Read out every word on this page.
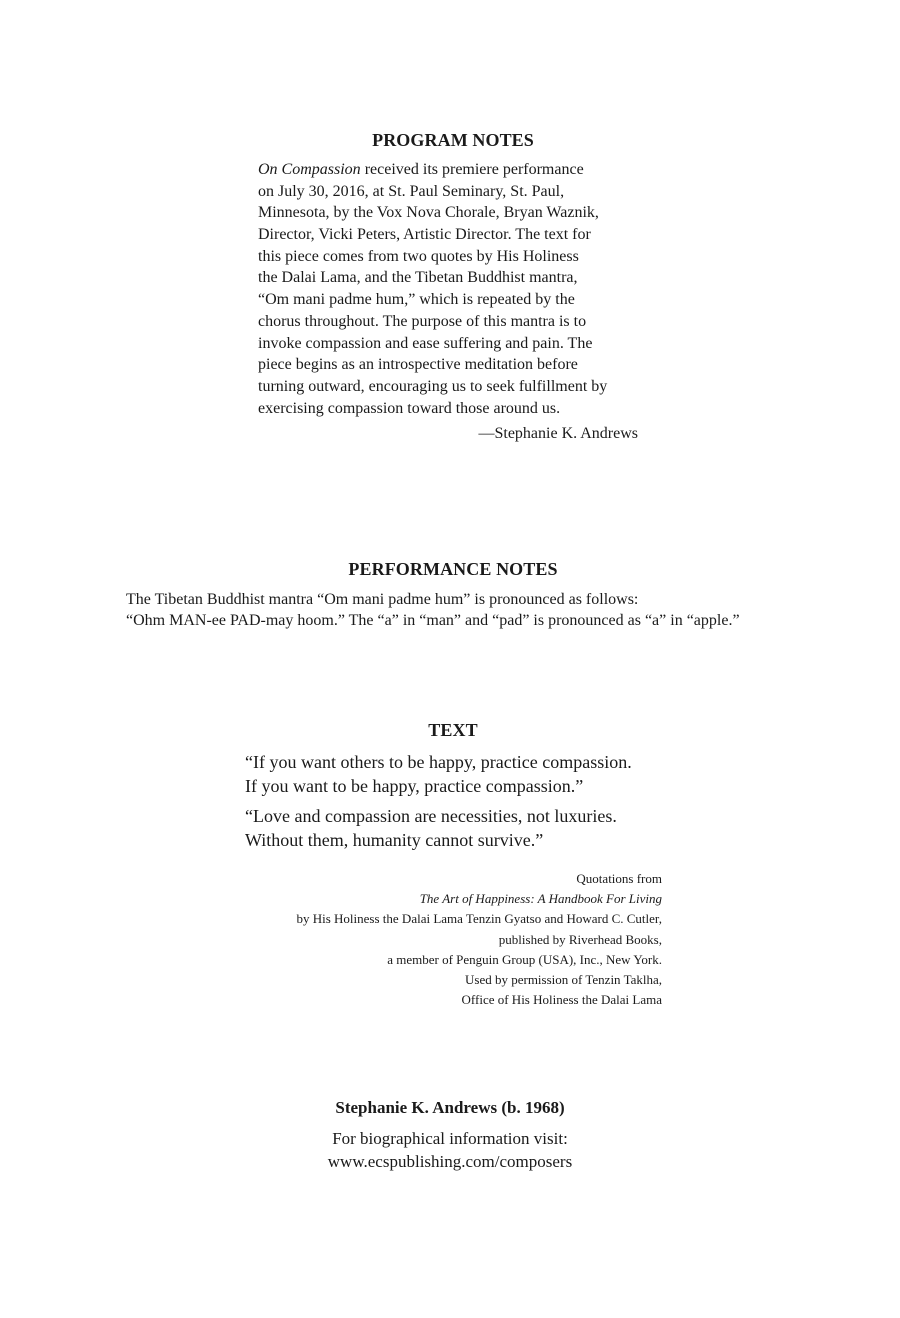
PROGRAM NOTES
On Compassion received its premiere performance
on July 30, 2016, at St. Paul Seminary, St. Paul,
Minnesota, by the Vox Nova Chorale, Bryan Waznik,
Director, Vicki Peters, Artistic Director. The text for
this piece comes from two quotes by His Holiness
the Dalai Lama, and the Tibetan Buddhist mantra,
“Om mani padme hum,” which is repeated by the
chorus throughout. The purpose of this mantra is to
invoke compassion and ease suffering and pain. The
piece begins as an introspective meditation before
turning outward, encouraging us to seek fulfillment by
exercising compassion toward those around us.
—Stephanie K. Andrews
PERFORMANCE NOTES
The Tibetan Buddhist mantra “Om mani padme hum” is pronounced as follows:
“Ohm MAN-ee PAD-may hoom.” The “a” in “man” and “pad” is pronounced as “a” in “apple.”
TEXT
“If you want others to be happy, practice compassion.
If you want to be happy, practice compassion.”
“Love and compassion are necessities, not luxuries.
Without them, humanity cannot survive.”
Quotations from
The Art of Happiness: A Handbook For Living
by His Holiness the Dalai Lama Tenzin Gyatso and Howard C. Cutler,
published by Riverhead Books,
a member of Penguin Group (USA), Inc., New York.
Used by permission of Tenzin Taklha,
Office of His Holiness the Dalai Lama
Stephanie K. Andrews (b. 1968)
For biographical information visit:
www.ecspublishing.com/composers
